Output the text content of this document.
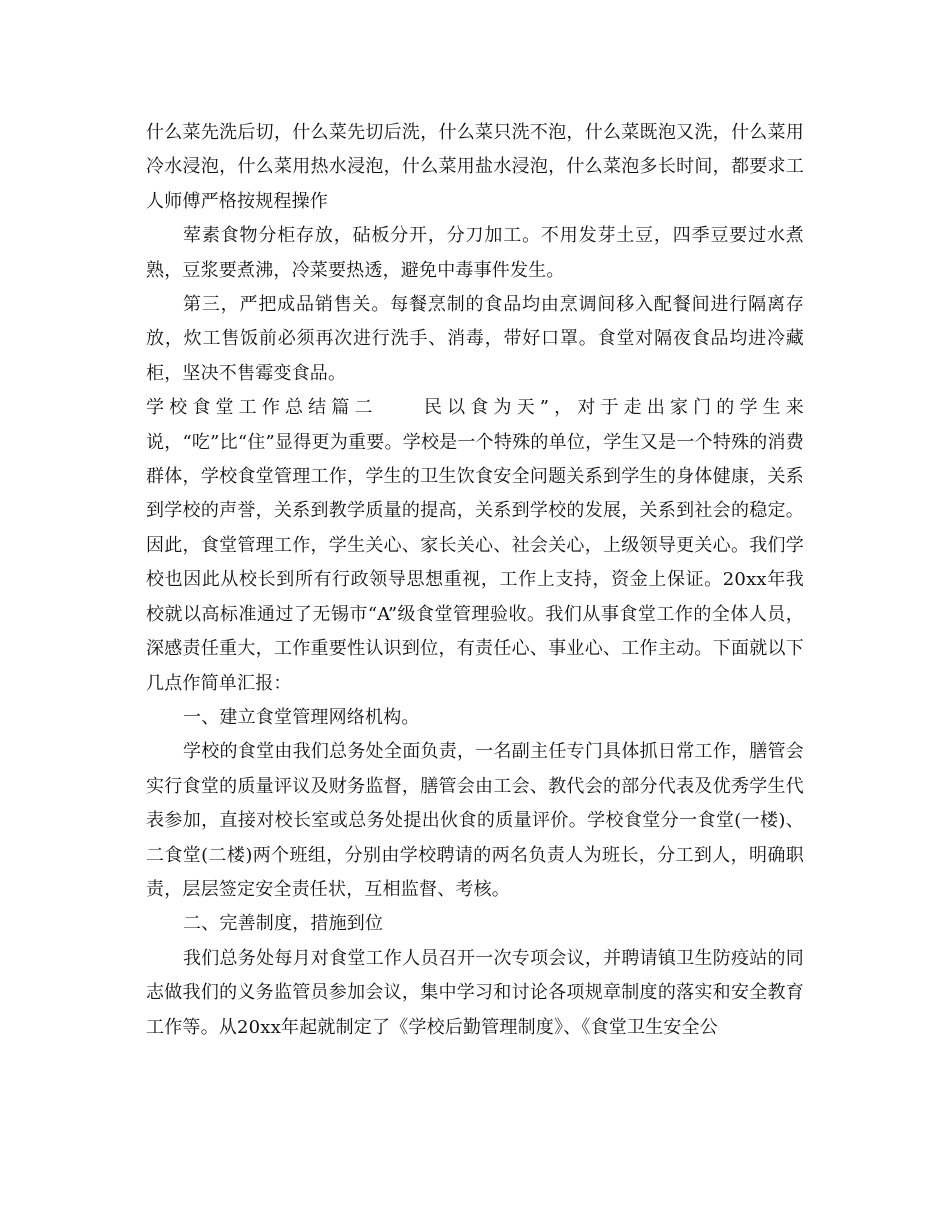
什么菜先洗后切，什么菜先切后洗，什么菜只洗不泡，什么菜既泡又洗，什么菜用冷水浸泡，什么菜用热水浸泡，什么菜用盐水浸泡，什么菜泡多长时间，都要求工人师傅严格按规程操作

荤素食物分柜存放，砧板分开，分刀加工。不用发芽土豆，四季豆要过水煮熟，豆浆要煮沸，冷菜要热透，避免中毒事件发生。

第三，严把成品销售关。每餐烹制的食品均由烹调间移入配餐间进行隔离存放，炊工售饭前必须再次进行洗手、消毒，带好口罩。食堂对隔夜食品均进冷藏柜，坚决不售霉变食品。

学校食堂工作总结篇二　　民以食为天”，对于走出家门的学生来说，“吃”比“住”显得更为重要。学校是一个特殊的单位，学生又是一个特殊的消费群体，学校食堂管理工作，学生的卫生饮食安全问题关系到学生的身体健康，关系到学校的声誉，关系到教学质量的提高，关系到学校的发展，关系到社会的稳定。因此，食堂管理工作，学生关心、家长关心、社会关心，上级领导更关心。我们学校也因此从校长到所有行政领导思想重视，工作上支持，资金上保证。20xx年我校就以高标准通过了无锡市“A”级食堂管理验收。我们从事食堂工作的全体人员，深感责任重大，工作重要性认识到位，有责任心、事业心、工作主动。下面就以下几点作简单汇报：

一、建立食堂管理网络机构。

学校的食堂由我们总务处全面负责，一名副主任专门具体抓日常工作，膳管会实行食堂的质量评议及财务监督，膳管会由工会、教代会的部分代表及优秀学生代表参加，直接对校长室或总务处提出伙食的质量评价。学校食堂分一食堂(一楼)、二食堂(二楼)两个班组，分别由学校聘请的两名负责人为班长，分工到人，明确职责，层层签定安全责任状，互相监督、考核。

二、完善制度，措施到位

我们总务处每月对食堂工作人员召开一次专项会议，并聘请镇卫生防疫站的同志做我们的义务监管员参加会议，集中学习和讨论各项规章制度的落实和安全教育工作等。从20xx年起就制定了《学校后勤管理制度》、《食堂卫生安全公
